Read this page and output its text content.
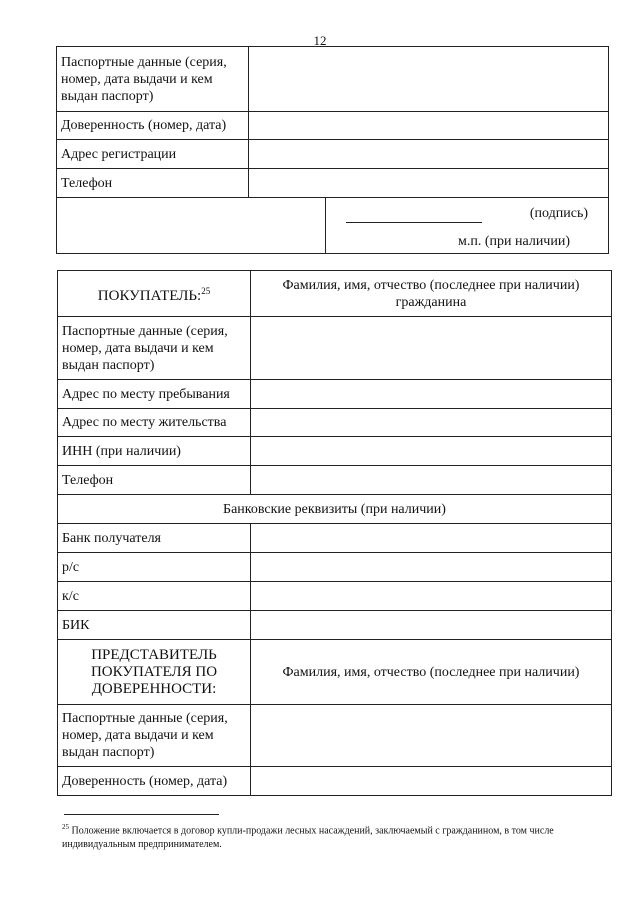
12
Паспортные данные (серия, номер, дата выдачи и кем выдан паспорт)		
Доверенность (номер, дата)		
Адрес регистрации		
Телефон		

		(подпись)
м.п. (при наличии)
ПОКУПАТЕЛЬ:$^{25}$	Фамилия, имя, отчество (последнее при наличии) гражданина
Паспортные данные (серия, номер, дата выдачи и кем выдан паспорт)	
Адрес по месту пребывания	
Адрес по месту жительства	
ИНН (при наличии)	
Телефон	
Банковские реквизиты (при наличии)	
Банк получателя	
р/с	
к/с	
БИК	
ПРЕДСТАВИТЕЛЬ ПОКУПАТЕЛЯ ПО ДОВЕРЕННОСТИ:	Фамилия, имя, отчество (последнее при наличии)
Паспортные данные (серия, номер, дата выдачи и кем выдан паспорт)	
Доверенность (номер, дата)	
$^{25}$ Положение включается в договор купли-продажи лесных насаждений, заключаемый с гражданином, в том числе индивидуальным предпринимателем.
